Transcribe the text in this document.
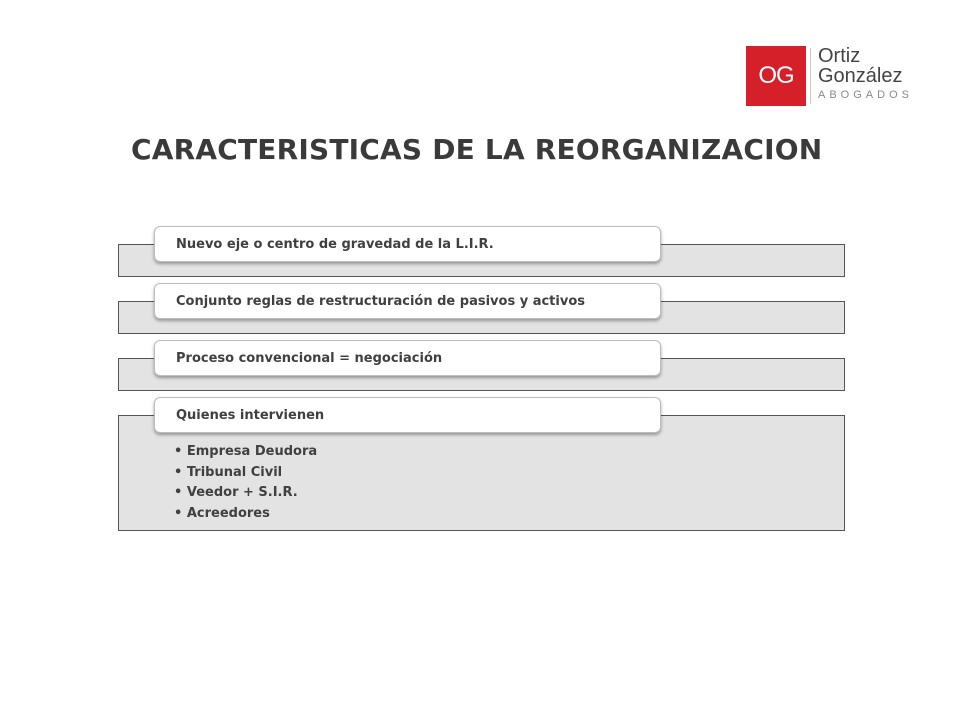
OG
Ortiz
González
ABOGADOS
CARACTERISTICAS DE LA REORGANIZACION
Nuevo eje o centro de gravedad de la L.I.R.
Conjunto reglas de restructuración de pasivos y activos
Proceso convencional = negociación
Quienes intervienen
• Empresa Deudora
• Tribunal Civil
• Veedor + S.I.R.
• Acreedores
